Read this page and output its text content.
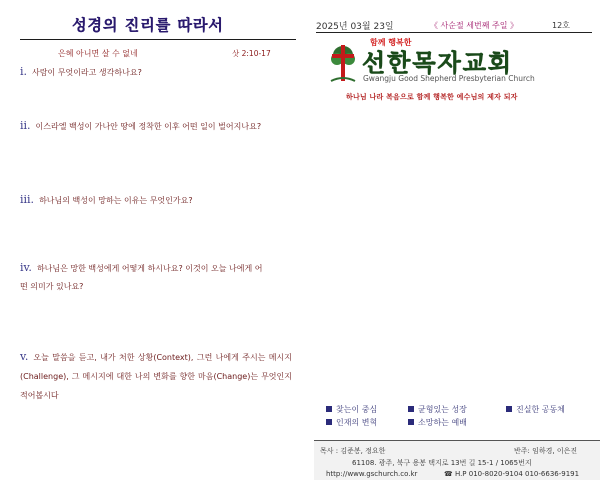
성경의 진리를 따라서
은혜 아니면 살 수 없네	삿 2:10-17
i. 사람이 무엇이라고 생각하나요?
ii. 이스라엘 백성이 가나안 땅에 정착한 이후 어떤 일이 벌어지나요?
iii. 하나님의 백성이 망하는 이유는 무엇인가요?
iv. 하나님은 망한 백성에게 어떻게 하시나요? 이것이 오늘 나에게 어
떤 의미가 있나요?
v. 오늘 말씀을 듣고, 내가 처한 상황(Context), 그런 나에게 주시는 메시지(Challenge), 그 메시지에 대한 나의 변화를 향한 마음(Change)는 무엇인지 적어봅시다
2025년 03월 23일	《 사순절 세번째 주일 》	12호
함께 행복한
선한목자교회
Gwangju Good Shepherd Presbyterian Church
하나님 나라 복음으로 함께 행복한 예수님의 제자 되자
찾는이 중심	균형있는 성장	진실한 공동체
인재의 변혁	소망하는 예배
목사 : 김준봉, 정요한	반주: 임하경, 이은진
61108. 광주, 북구 용봉 택지로 13번 길 15-1 / 1065번지
http://www.gschurch.co.kr	☎ H.P 010-8020-9104 010-6636-9191
